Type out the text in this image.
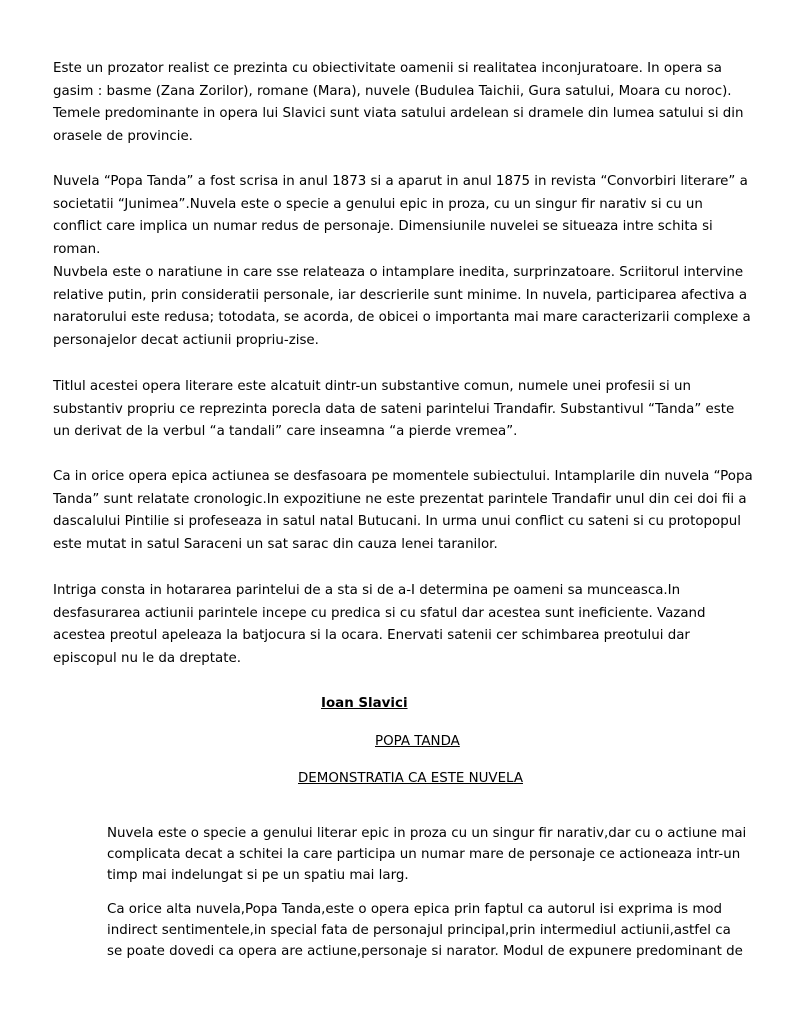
Este un prozator realist ce prezinta cu obiectivitate oamenii si realitatea inconjuratoare. In opera sa gasim : basme (Zana Zorilor), romane (Mara), nuvele (Budulea Taichii, Gura satului, Moara cu noroc). Temele predominante in opera lui Slavici sunt viata satului ardelean si dramele din lumea satului si din orasele de provincie.

Nuvela “Popa Tanda” a fost scrisa in anul 1873 si a aparut in anul 1875 in revista “Convorbiri literare” a societatii “Junimea”.Nuvela este o specie a genului epic in proza, cu un singur fir narativ si cu un conflict care implica un numar redus de personaje. Dimensiunile nuvelei se situeaza intre schita si roman.

Nuvbela este o naratiune in care sse relateaza o intamplare inedita, surprinzatoare. Scriitorul intervine relative putin, prin consideratii personale, iar descrierile sunt minime. In nuvela, participarea afectiva a naratorului este redusa; totodata, se acorda, de obicei o importanta mai mare caracterizarii complexe a personajelor decat actiunii propriu-zise.

Titlul acestei opera literare este alcatuit dintr-un substantive comun, numele unei profesii si un substantiv propriu ce reprezinta porecla data de sateni parintelui Trandafir. Substantivul “Tanda” este un derivat de la verbul “a tandali” care inseamna “a pierde vremea”.

Ca in orice opera epica actiunea se desfasoara pe momentele subiectului. Intamplarile din nuvela “Popa Tanda” sunt relatate cronologic.In expozitiune ne este prezentat parintele Trandafir unul din cei doi fii a dascalului Pintilie si profeseaza in satul natal Butucani. In urma unui conflict cu sateni si cu protopopul este mutat in satul Saraceni un sat sarac din cauza lenei taranilor.

Intriga consta in hotararea parintelui de a sta si de a-I determina pe oameni sa munceasca.In desfasurarea actiunii parintele incepe cu predica si cu sfatul dar acestea sunt ineficiente. Vazand acestea preotul apeleaza la batjocura si la ocara. Enervati satenii cer schimbarea preotului dar episcopul nu le da dreptate.

Ioan Slavici

POPA TANDA

DEMONSTRATIA CA ESTE NUVELA

Nuvela este o specie a genului literar epic in proza cu un singur fir narativ,dar cu o actiune mai complicata decat a schitei la care participa un numar mare de personaje ce actioneaza intr-un timp mai indelungat si pe un spatiu mai larg.

Ca orice alta nuvela,Popa Tanda,este o opera epica prin faptul ca autorul isi exprima is mod indirect sentimentele,in special fata de personajul principal,prin intermediul actiunii,astfel ca se poate dovedi ca opera are actiune,personaje si narator. Modul de expunere predominant de
